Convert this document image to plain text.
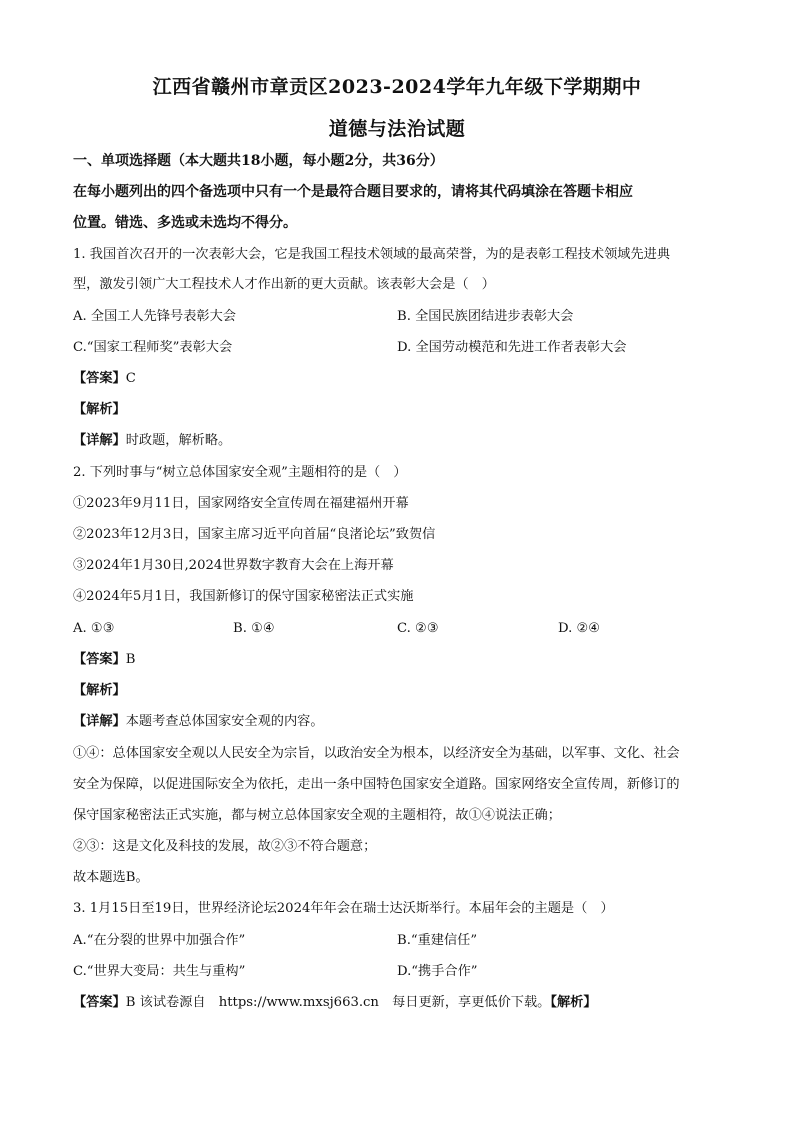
江西省赣州市章贡区2023-2024学年九年级下学期期中
道德与法治试题
一、单项选择题（本大题共18小题，每小题2分，共36分）
在每小题列出的四个备选项中只有一个是最符合题目要求的，请将其代码填涂在答题卡相应
位置。错选、多选或未选均不得分。
1. 我国首次召开的一次表彰大会，它是我国工程技术领域的最高荣誉，为的是表彰工程技术领域先进典
型，激发引领广大工程技术人才作出新的更大贡献。该表彰大会是（　）
A. 全国工人先锋号表彰大会	B. 全国民族团结进步表彰大会
C.“国家工程师奖”表彰大会	D. 全国劳动模范和先进工作者表彰大会
【答案】C
【解析】
【详解】时政题，解析略。
2. 下列时事与“树立总体国家安全观”主题相符的是（　）
①2023年9月11日，国家网络安全宣传周在福建福州开幕
②2023年12月3日，国家主席习近平向首届“良渚论坛”致贺信
③2024年1月30日,2024世界数字教育大会在上海开幕
④2024年5月1日，我国新修订的保守国家秘密法正式实施
A. ①③	B. ①④	C. ②③	D. ②④
【答案】B
【解析】
【详解】本题考查总体国家安全观的内容。
①④：总体国家安全观以人民安全为宗旨，以政治安全为根本，以经济安全为基础，以军事、文化、社会
安全为保障，以促进国际安全为依托，走出一条中国特色国家安全道路。国家网络安全宣传周，新修订的
保守国家秘密法正式实施，都与树立总体国家安全观的主题相符，故①④说法正确；
②③：这是文化及科技的发展，故②③不符合题意；
故本题选B。
3. 1月15日至19日，世界经济论坛2024年年会在瑞士达沃斯举行。本届年会的主题是（　）
A.“在分裂的世界中加强合作”	B.“重建信任”
C.“世界大变局：共生与重构”	D.“携手合作”
【答案】B 该试卷源自　https://www.mxsj663.cn　每日更新，享更低价下载。【解析】
